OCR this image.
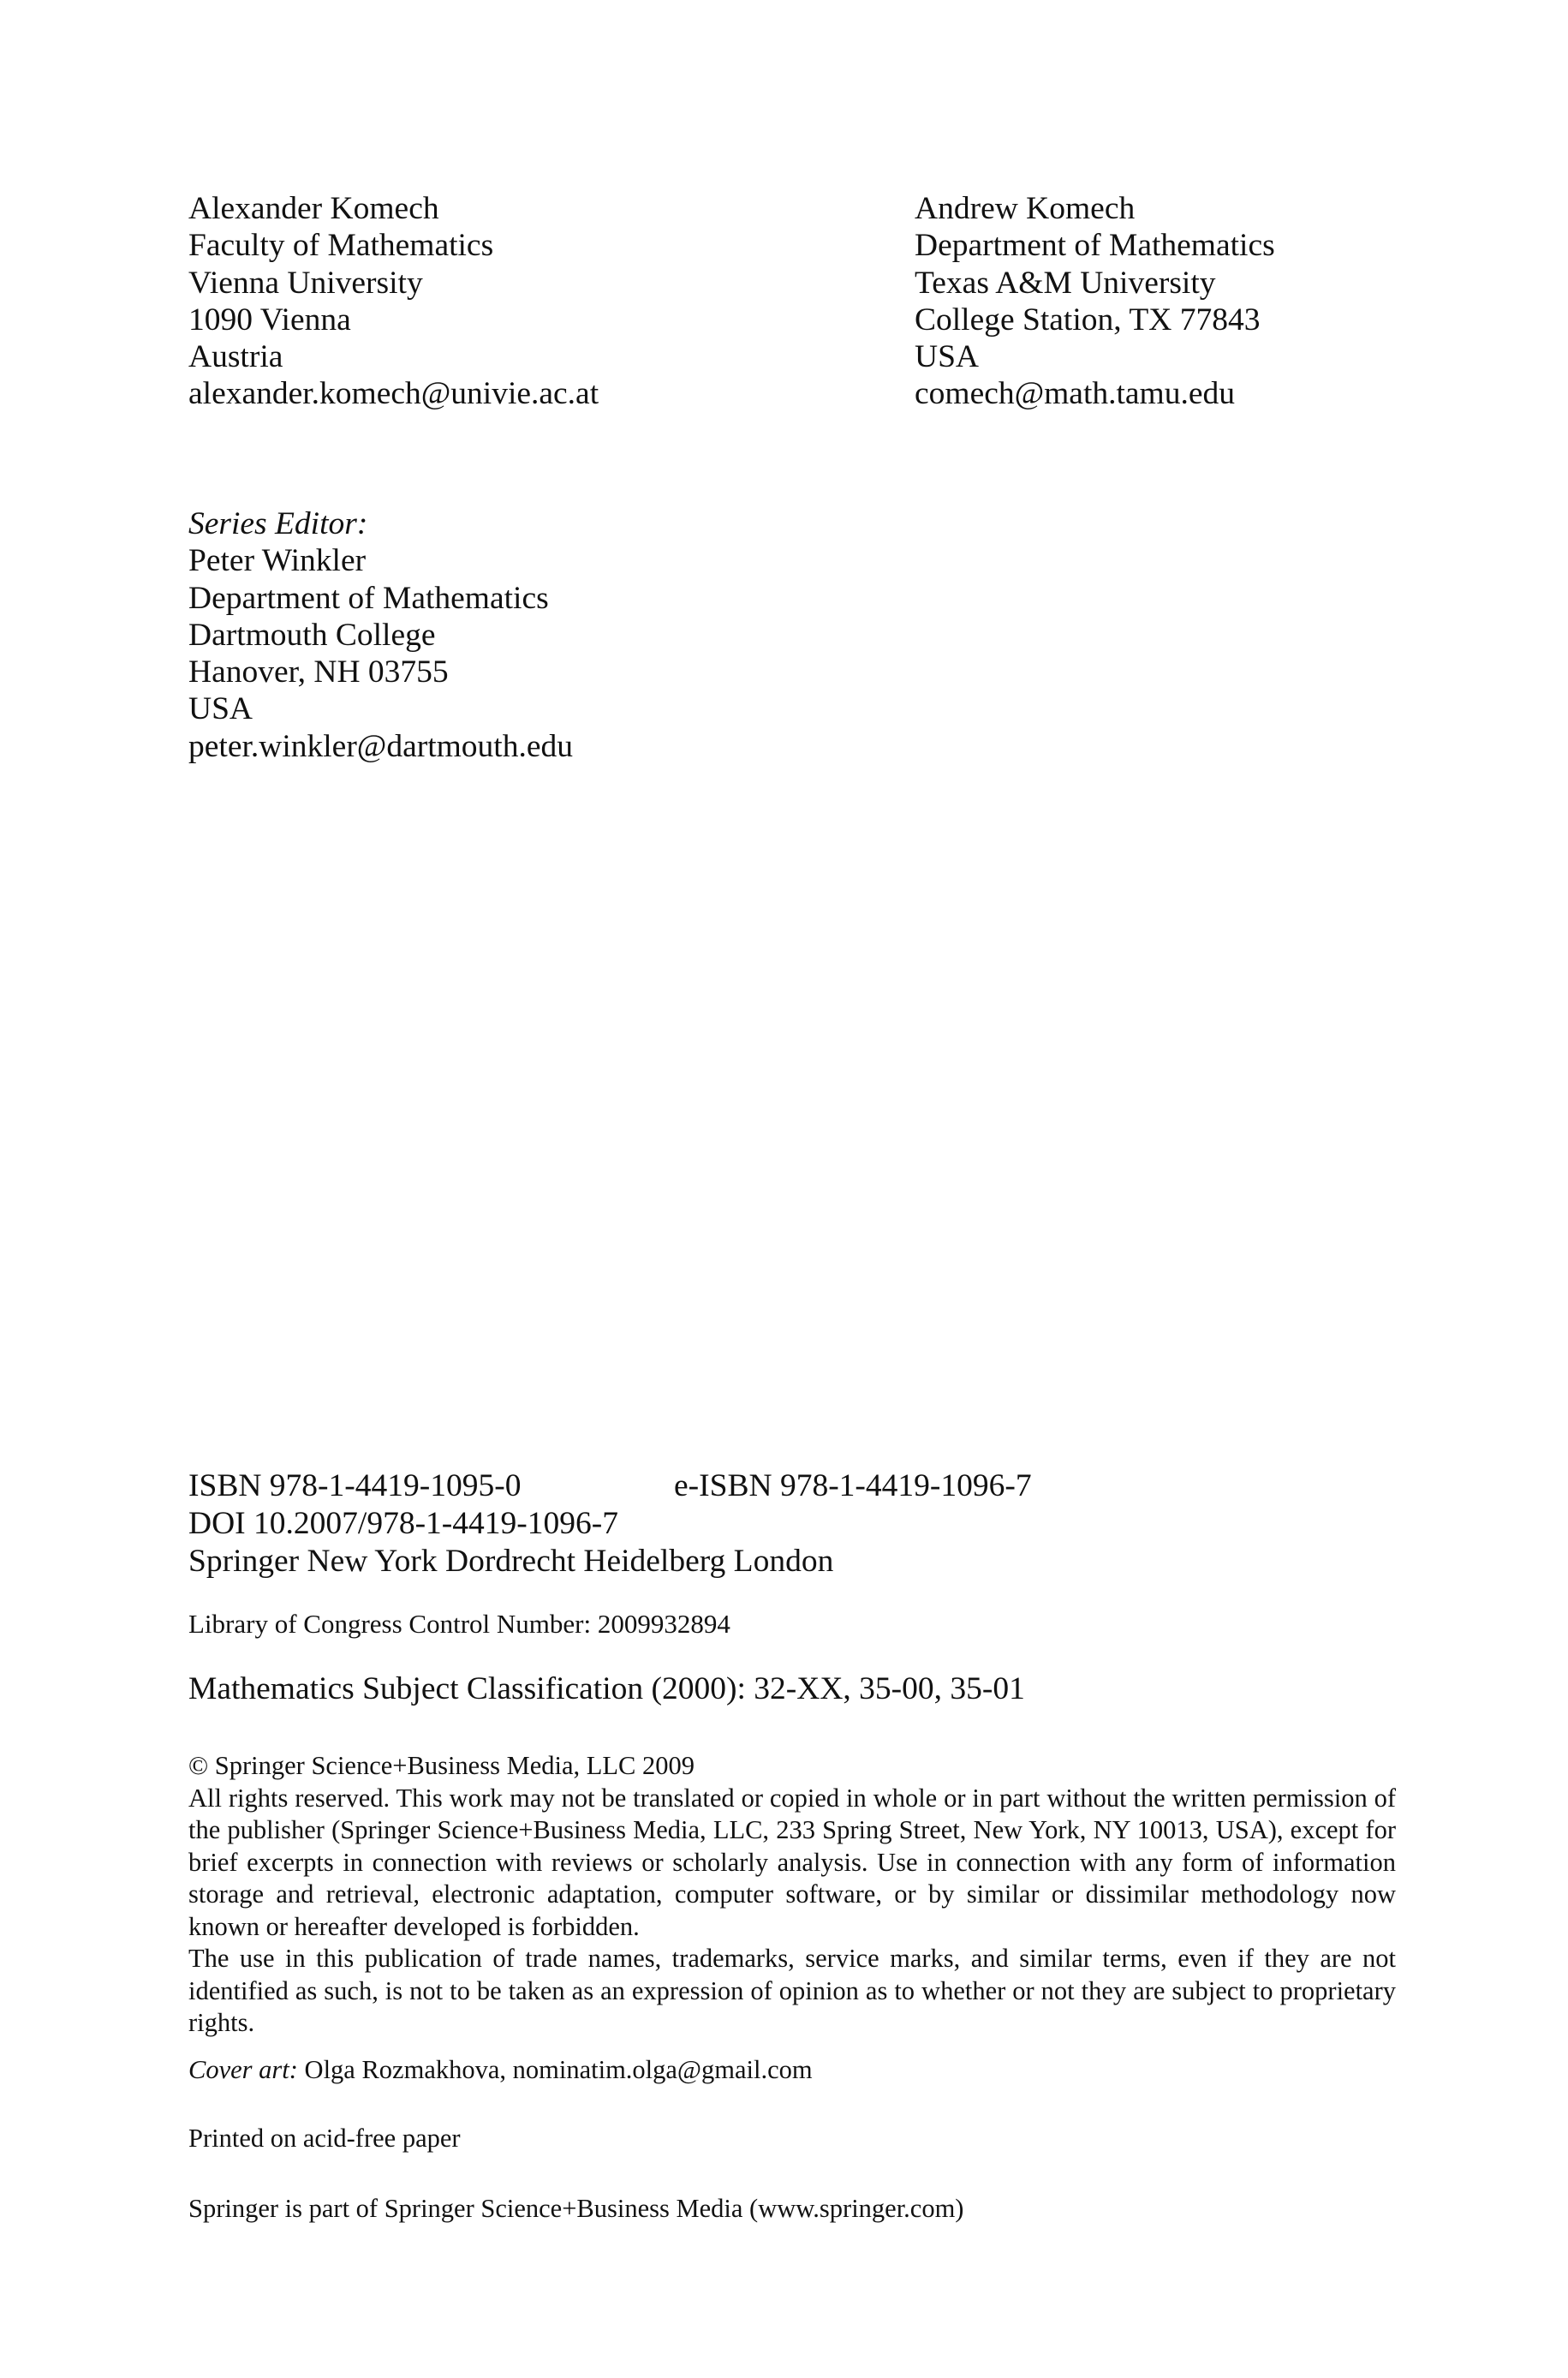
Alexander Komech
Faculty of Mathematics
Vienna University
1090 Vienna
Austria
alexander.komech@univie.ac.at
Andrew Komech
Department of Mathematics
Texas A&M University
College Station, TX 77843
USA
comech@math.tamu.edu
Series Editor:
Peter Winkler
Department of Mathematics
Dartmouth College
Hanover, NH 03755
USA
peter.winkler@dartmouth.edu
ISBN 978-1-4419-1095-0	e-ISBN 978-1-4419-1096-7
DOI 10.2007/978-1-4419-1096-7
Springer New York Dordrecht Heidelberg London
Library of Congress Control Number: 2009932894
Mathematics Subject Classification (2000): 32-XX, 35-00, 35-01
© Springer Science+Business Media, LLC 2009

All rights reserved. This work may not be translated or copied in whole or in part without the written permission of the publisher (Springer Science+Business Media, LLC, 233 Spring Street, New York, NY 10013, USA), except for brief excerpts in connection with reviews or scholarly analysis. Use in connection with any form of information storage and retrieval, electronic adaptation, computer software, or by similar or dissimilar methodology now known or hereafter developed is forbidden.

The use in this publication of trade names, trademarks, service marks, and similar terms, even if they are not identified as such, is not to be taken as an expression of opinion as to whether or not they are subject to proprietary rights.

Cover art: Olga Rozmakhova, nominatim.olga@gmail.com
Printed on acid-free paper
Springer is part of Springer Science+Business Media (www.springer.com)
